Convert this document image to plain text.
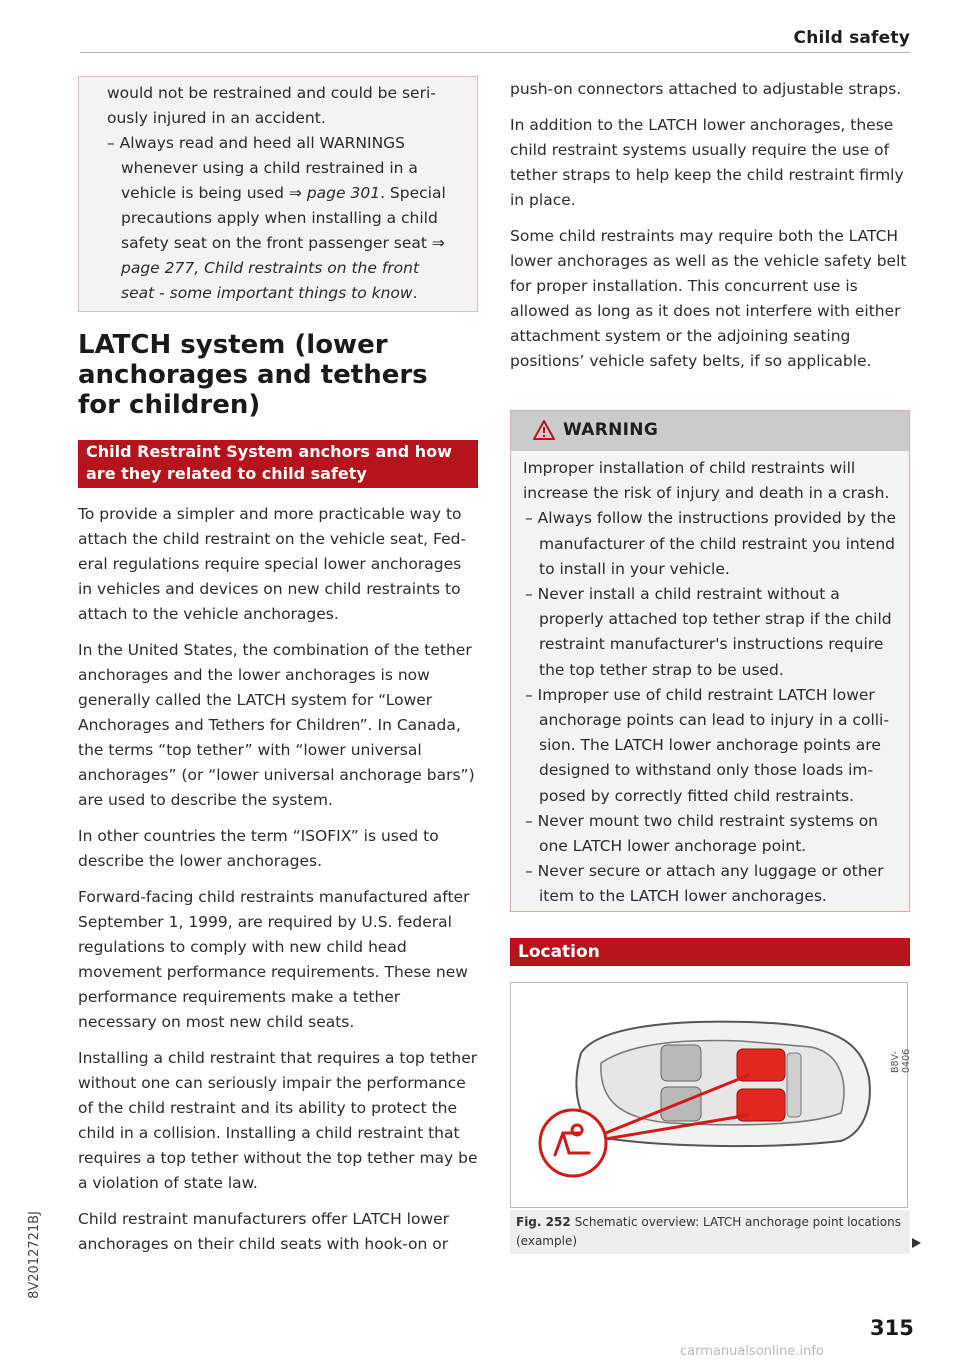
Child safety

would not be restrained and could be seriously injured in an accident.

– Always read and heed all WARNINGS whenever using a child restrained in a vehicle is being used ⇒ page 301. Special precautions apply when installing a child safety seat on the front passenger seat ⇒ page 277, Child restraints on the front seat - some important things to know.

LATCH system (lower anchorages and tethers for children)
Child Restraint System anchors and how are they related to child safety

To provide a simpler and more practicable way to attach the child restraint on the vehicle seat, Federal regulations require special lower anchorages in vehicles and devices on new child restraints to attach to the vehicle anchorages.

In the United States, the combination of the tether anchorages and the lower anchorages is now generally called the LATCH system for “Lower Anchorages and Tethers for Children”. In Canada, the terms “top tether” with “lower universal anchorages” (or “lower universal anchorage bars”) are used to describe the system.

In other countries the term “ISOFIX” is used to describe the lower anchorages.

Forward-facing child restraints manufactured after September 1, 1999, are required by U.S. federal regulations to comply with new child head movement performance requirements. These new performance requirements make a tether necessary on most new child seats.

Installing a child restraint that requires a top tether without one can seriously impair the performance of the child restraint and its ability to protect the child in a collision. Installing a child restraint that requires a top tether without the top tether may be a violation of state law.

Child restraint manufacturers offer LATCH lower anchorages on their child seats with hook-on or

push-on connectors attached to adjustable straps.

In addition to the LATCH lower anchorages, these child restraint systems usually require the use of tether straps to help keep the child restraint firmly in place.

Some child restraints may require both the LATCH lower anchorages as well as the vehicle safety belt for proper installation. This concurrent use is allowed as long as it does not interfere with either attachment system or the adjoining seating positions’ vehicle safety belts, if so applicable.

WARNING

Improper installation of child restraints will increase the risk of injury and death in a crash.

– Always follow the instructions provided by the manufacturer of the child restraint you intend to install in your vehicle.

– Never install a child restraint without a properly attached top tether strap if the child restraint manufacturer's instructions require the top tether strap to be used.

– Improper use of child restraint LATCH lower anchorage points can lead to injury in a collision. The LATCH lower anchorage points are designed to withstand only those loads imposed by correctly fitted child restraints.

– Never mount two child restraint systems on one LATCH lower anchorage point.

– Never secure or attach any luggage or other item to the LATCH lower anchorages.

Location
B8V-0406
Fig. 252 Schematic overview: LATCH anchorage point locations (example)
315
8V2012721BJ
carmanualsonline.info
